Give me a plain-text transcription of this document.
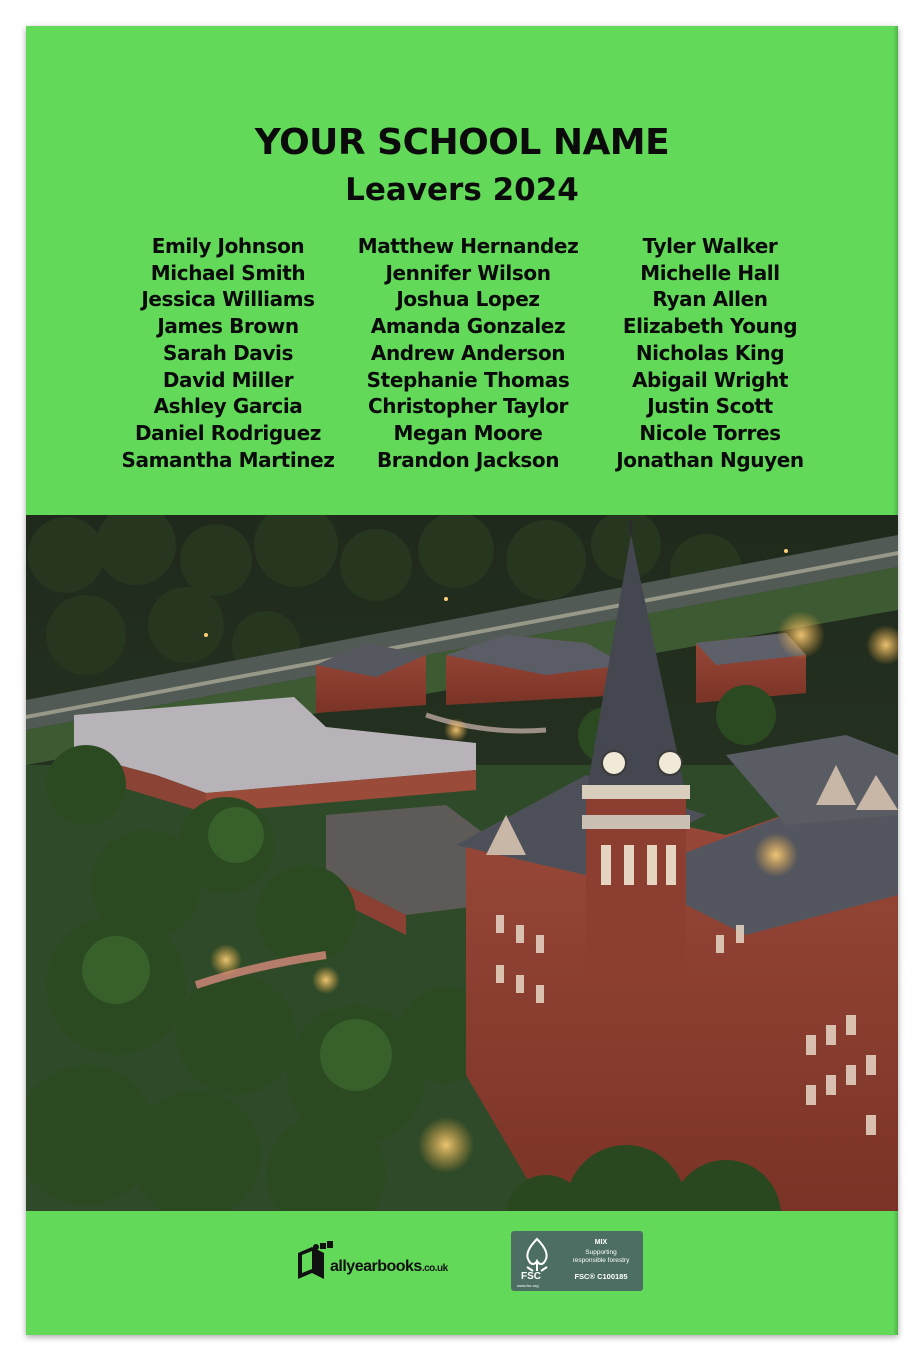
YOUR SCHOOL NAME
Leavers 2024
Emily Johnson
Michael Smith
Jessica Williams
James Brown
Sarah Davis
David Miller
Ashley Garcia
Daniel Rodriguez
Samantha Martinez
Matthew Hernandez
Jennifer Wilson
Joshua Lopez
Amanda Gonzalez
Andrew Anderson
Stephanie Thomas
Christopher Taylor
Megan Moore
Brandon Jackson
Tyler Walker
Michelle Hall
Ryan Allen
Elizabeth Young
Nicholas King
Abigail Wright
Justin Scott
Nicole Torres
Jonathan Nguyen
allyearbooks.co.uk
FSC
www.fsc.org
MIX
Supporting
responsible forestry
FSC® C100185
